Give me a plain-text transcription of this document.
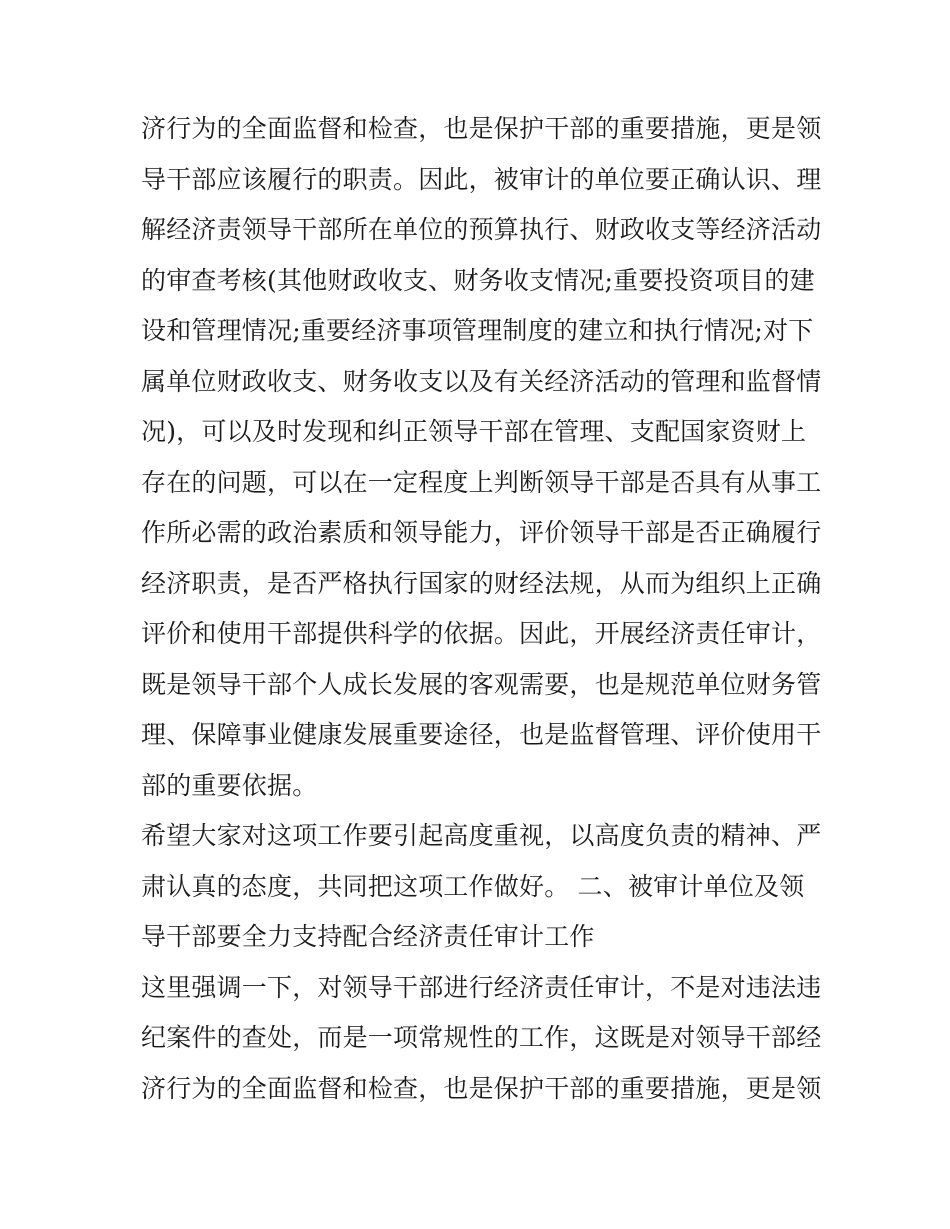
济行为的全面监督和检查，也是保护干部的重要措施，更是领
导干部应该履行的职责。因此，被审计的单位要正确认识、理
解经济责领导干部所在单位的预算执行、财政收支等经济活动
的审查考核(其他财政收支、财务收支情况;重要投资项目的建
设和管理情况;重要经济事项管理制度的建立和执行情况;对下
属单位财政收支、财务收支以及有关经济活动的管理和监督情
况)，可以及时发现和纠正领导干部在管理、支配国家资财上
存在的问题，可以在一定程度上判断领导干部是否具有从事工
作所必需的政治素质和领导能力，评价领导干部是否正确履行
经济职责，是否严格执行国家的财经法规，从而为组织上正确
评价和使用干部提供科学的依据。因此，开展经济责任审计，
既是领导干部个人成长发展的客观需要，也是规范单位财务管
理、保障事业健康发展重要途径，也是监督管理、评价使用干
部的重要依据。
希望大家对这项工作要引起高度重视，以高度负责的精神、严
肃认真的态度，共同把这项工作做好。 二、被审计单位及领
导干部要全力支持配合经济责任审计工作
这里强调一下，对领导干部进行经济责任审计，不是对违法违
纪案件的查处，而是一项常规性的工作，这既是对领导干部经
济行为的全面监督和检查，也是保护干部的重要措施，更是领
